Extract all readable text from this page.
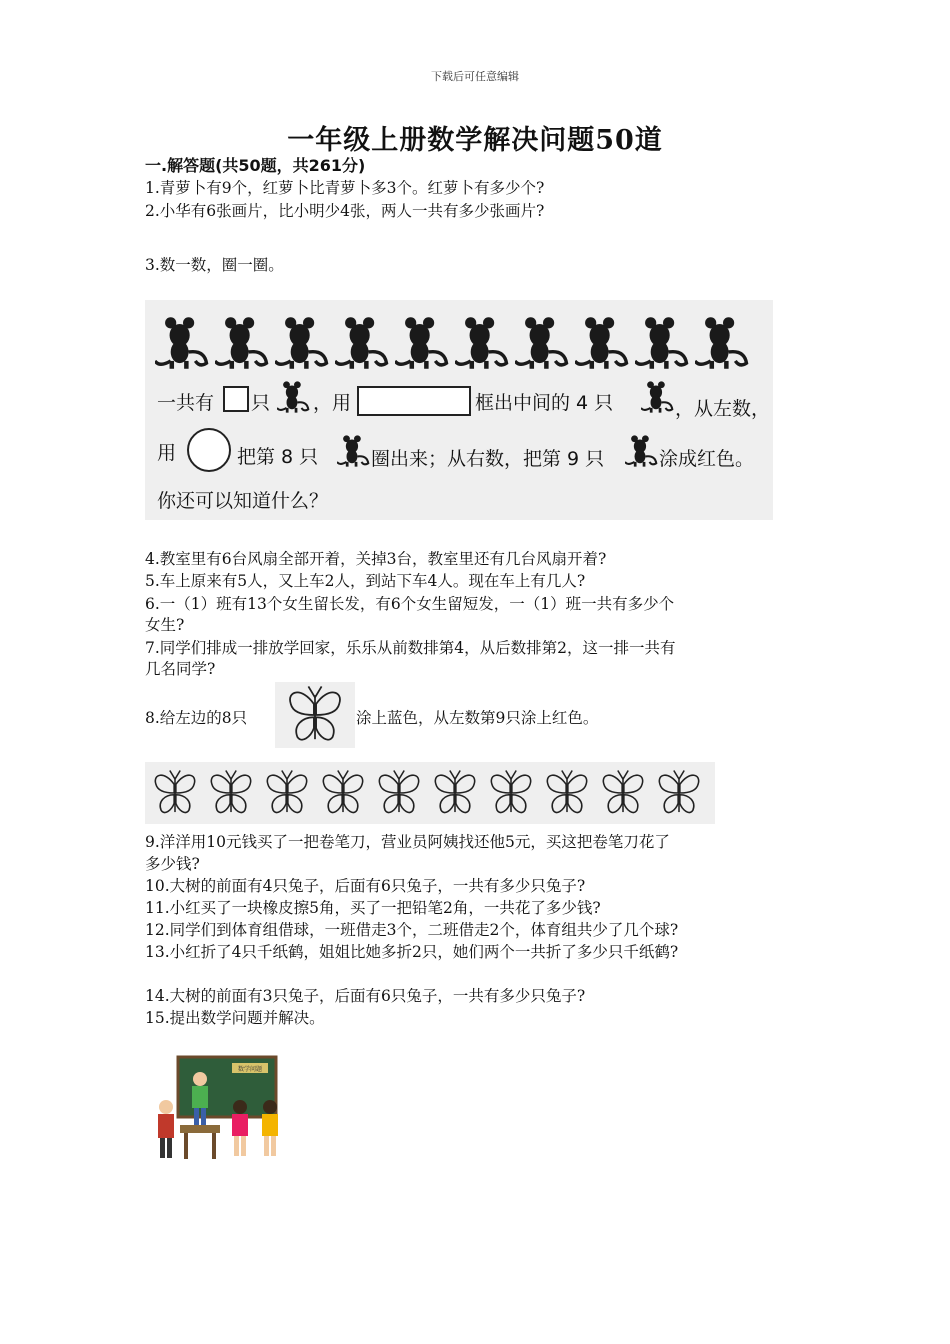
下载后可任意编辑
一年级上册数学解决问题50道
一.解答题(共50题，共261分)
1.青萝卜有9个，红萝卜比青萝卜多3个。红萝卜有多少个?
2.小华有6张画片，比小明少4张，两人一共有多少张画片?
3.数一数，圈一圈。
一共有 只 ，用	框出中间的 4 只	，从左数，
用	把第 8 只	圈出来；从右数，把第 9 只	涂成红色。
你还可以知道什么？
4.教室里有6台风扇全部开着，关掉3台，教室里还有几台风扇开着?
5.车上原来有5人，又上车2人，到站下车4人。现在车上有几人?
6.一（1）班有13个女生留长发，有6个女生留短发，一（1）班一共有多少个
女生?
7.同学们排成一排放学回家，乐乐从前数排第4，从后数排第2，这一排一共有
几名同学?
8.给左边的8只	涂上蓝色，从左数第9只涂上红色。
9.洋洋用10元钱买了一把卷笔刀，营业员阿姨找还他5元，买这把卷笔刀花了
多少钱?
10.大树的前面有4只兔子，后面有6只兔子，一共有多少只兔子?
11.小红买了一块橡皮擦5角，买了一把铅笔2角，一共花了多少钱?
12.同学们到体育组借球，一班借走3个，二班借走2个，体育组共少了几个球?
13.小红折了4只千纸鹤，姐姐比她多折2只，她们两个一共折了多少只千纸鹤?
14.大树的前面有3只兔子，后面有6只兔子，一共有多少只兔子?
15.提出数学问题并解决。
数学问题
